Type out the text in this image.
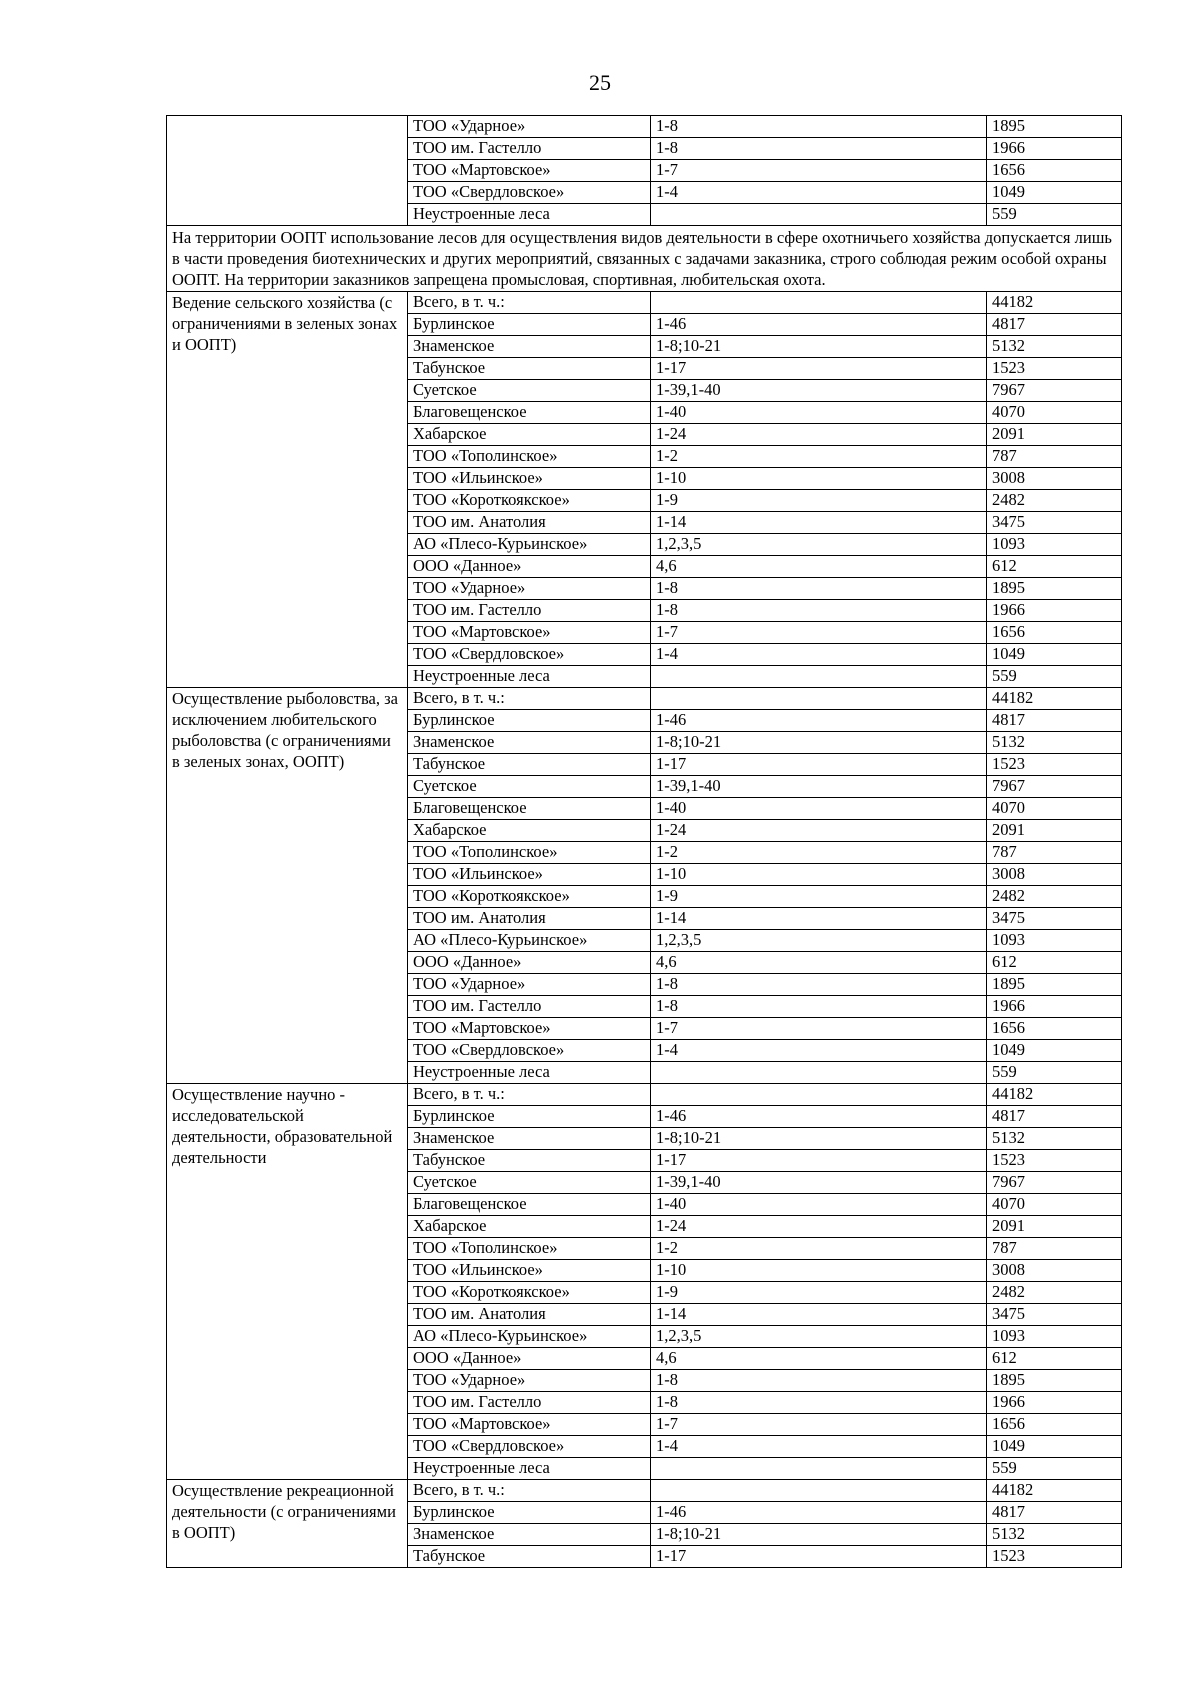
25
	ТОО «Ударное»	1-8	1895
	ТОО им. Гастелло	1-8	1966
	ТОО «Мартовское»	1-7	1656
	ТОО «Свердловское»	1-4	1049
	Неустроенные леса		559
На территории ООПТ использование лесов для осуществления видов деятельности в сфере охотничьего хозяйства допускается лишь в части проведения биотехнических и других мероприятий, связанных с задачами заказника, строго соблюдая режим особой охраны ООПТ. На территории заказников запрещена промысловая, спортивная, любительская охота.			
Ведение сельского хозяйства (с ограничениями в зеленых зонах и ООПТ)	Всего, в т. ч.:		44182
	Бурлинское	1-46	4817
	Знаменское	1-8;10-21	5132
	Табунское	1-17	1523
	Суетское	1-39,1-40	7967
	Благовещенское	1-40	4070
	Хабарское	1-24	2091
	ТОО «Тополинское»	1-2	787
	ТОО «Ильинское»	1-10	3008
	ТОО «Короткоякское»	1-9	2482
	ТОО им. Анатолия	1-14	3475
	АО «Плесо-Курьинское»	1,2,3,5	1093
	ООО «Данное»	4,6	612
	ТОО «Ударное»	1-8	1895
	ТОО им. Гастелло	1-8	1966
	ТОО «Мартовское»	1-7	1656
	ТОО «Свердловское»	1-4	1049
	Неустроенные леса		559
Осуществление рыболовства, за исключением любительского рыболовства (с ограничениями в зеленых зонах, ООПТ)	Всего, в т. ч.:		44182
	Бурлинское	1-46	4817
	Знаменское	1-8;10-21	5132
	Табунское	1-17	1523
	Суетское	1-39,1-40	7967
	Благовещенское	1-40	4070
	Хабарское	1-24	2091
	ТОО «Тополинское»	1-2	787
	ТОО «Ильинское»	1-10	3008
	ТОО «Короткоякское»	1-9	2482
	ТОО им. Анатолия	1-14	3475
	АО «Плесо-Курьинское»	1,2,3,5	1093
	ООО «Данное»	4,6	612
	ТОО «Ударное»	1-8	1895
	ТОО им. Гастелло	1-8	1966
	ТОО «Мартовское»	1-7	1656
	ТОО «Свердловское»	1-4	1049
	Неустроенные леса		559
Осуществление научно - исследовательской деятельности, образовательной деятельности	Всего, в т. ч.:		44182
	Бурлинское	1-46	4817
	Знаменское	1-8;10-21	5132
	Табунское	1-17	1523
	Суетское	1-39,1-40	7967
	Благовещенское	1-40	4070
	Хабарское	1-24	2091
	ТОО «Тополинское»	1-2	787
	ТОО «Ильинское»	1-10	3008
	ТОО «Короткоякское»	1-9	2482
	ТОО им. Анатолия	1-14	3475
	АО «Плесо-Курьинское»	1,2,3,5	1093
	ООО «Данное»	4,6	612
	ТОО «Ударное»	1-8	1895
	ТОО им. Гастелло	1-8	1966
	ТОО «Мартовское»	1-7	1656
	ТОО «Свердловское»	1-4	1049
	Неустроенные леса		559
Осуществление рекреационной деятельности (с ограничениями в ООПТ)	Всего, в т. ч.:		44182
	Бурлинское	1-46	4817
	Знаменское	1-8;10-21	5132
	Табунское	1-17	1523
